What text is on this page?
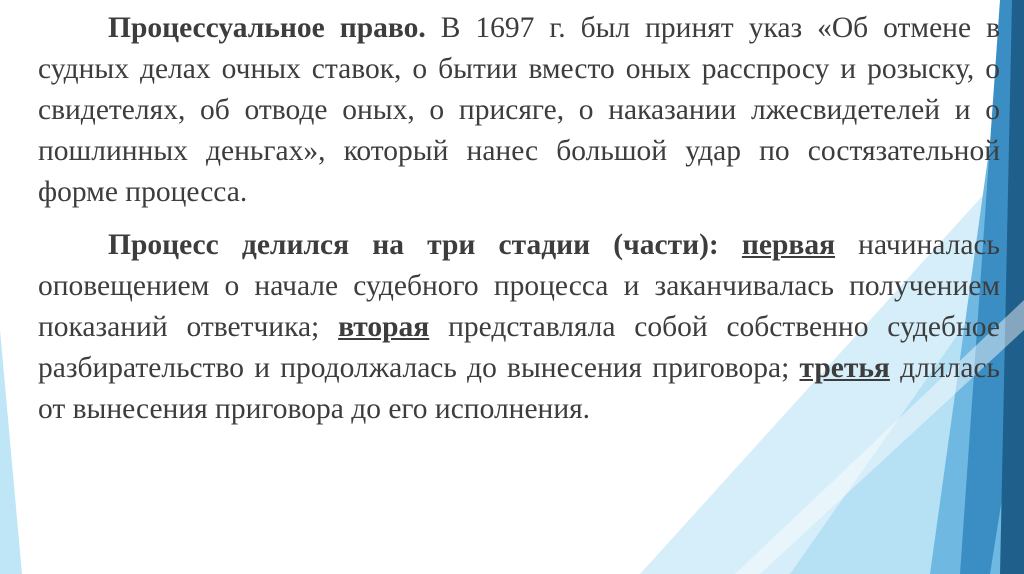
Процессуальное право. В 1697 г. был принят указ «Об отмене в судных делах очных ставок, о бытии вместо оных расспросу и розыску, о свидетелях, об отводе оных, о присяге, о наказании лжесвидетелей и о пошлинных деньгах», который нанес большой удар по состязательной форме процесса.

Процесс делился на три стадии (части): первая начиналась оповещением о начале судебного процесса и заканчивалась получением показаний ответчика; вторая представляла собой собственно судебное разбирательство и продолжалась до вынесения приговора; третья длилась от вынесения приговора до его исполнения.
